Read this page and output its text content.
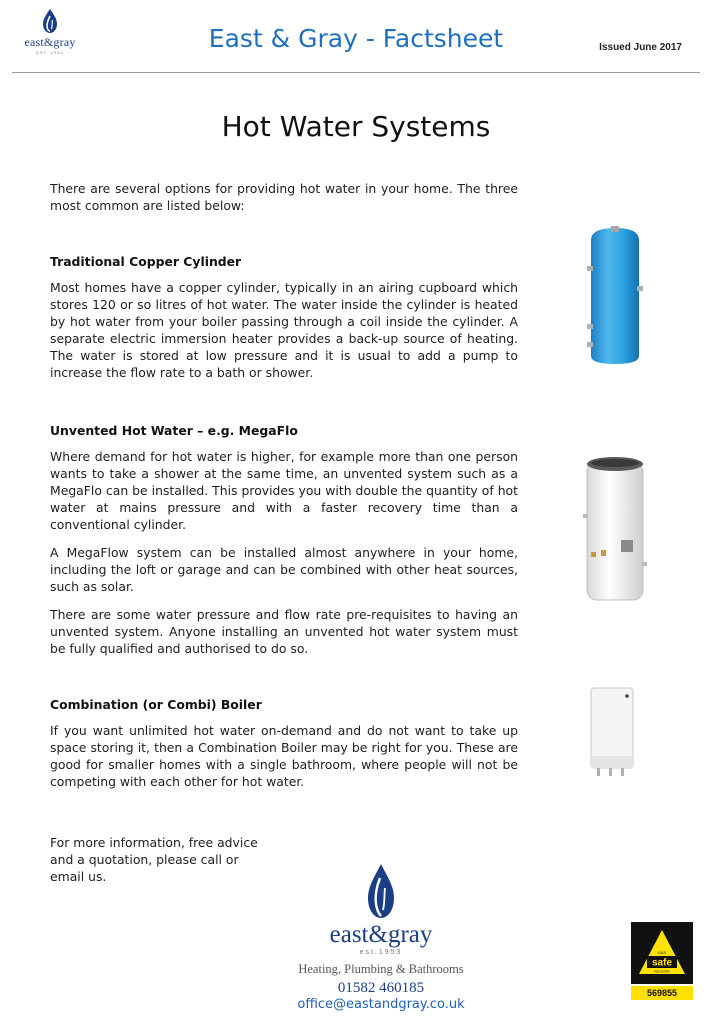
east&gray
EST. 1953	East & Gray - Factsheet	Issued June 2017
Hot Water Systems

There are several options for providing hot water in your home. The three most common are listed below:

Traditional Copper Cylinder

Most homes have a copper cylinder, typically in an airing cupboard which stores 120 or so litres of hot water. The water inside the cylinder is heated by hot water from your boiler passing through a coil inside the cylinder. A separate electric immersion heater provides a back-up source of heating. The water is stored at low pressure and it is usual to add a pump to increase the flow rate to a bath or shower.

Unvented Hot Water – e.g. MegaFlo

Where demand for hot water is higher, for example more than one person wants to take a shower at the same time, an unvented system such as a MegaFlo can be installed. This provides you with double the quantity of hot water at mains pressure and with a faster recovery time than a conventional cylinder.

A MegaFlow system can be installed almost anywhere in your home, including the loft or garage and can be combined with other heat sources, such as solar.

There are some water pressure and flow rate pre-requisites to having an unvented system. Anyone installing an unvented hot water system must be fully qualified and authorised to do so.

Combination (or Combi) Boiler

If you want unlimited hot water on-demand and do not want to take up space storing it, then a Combination Boiler may be right for you. These are good for smaller homes with a single bathroom, where people will not be competing with each other for hot water.

For more information, free advice and a quotation, please call or email us.

east&gray
est.1953
Heating, Plumbing & Bathrooms
01582 460185
office@eastandgray.co.uk
safe
GAS
REGISTER
569855
